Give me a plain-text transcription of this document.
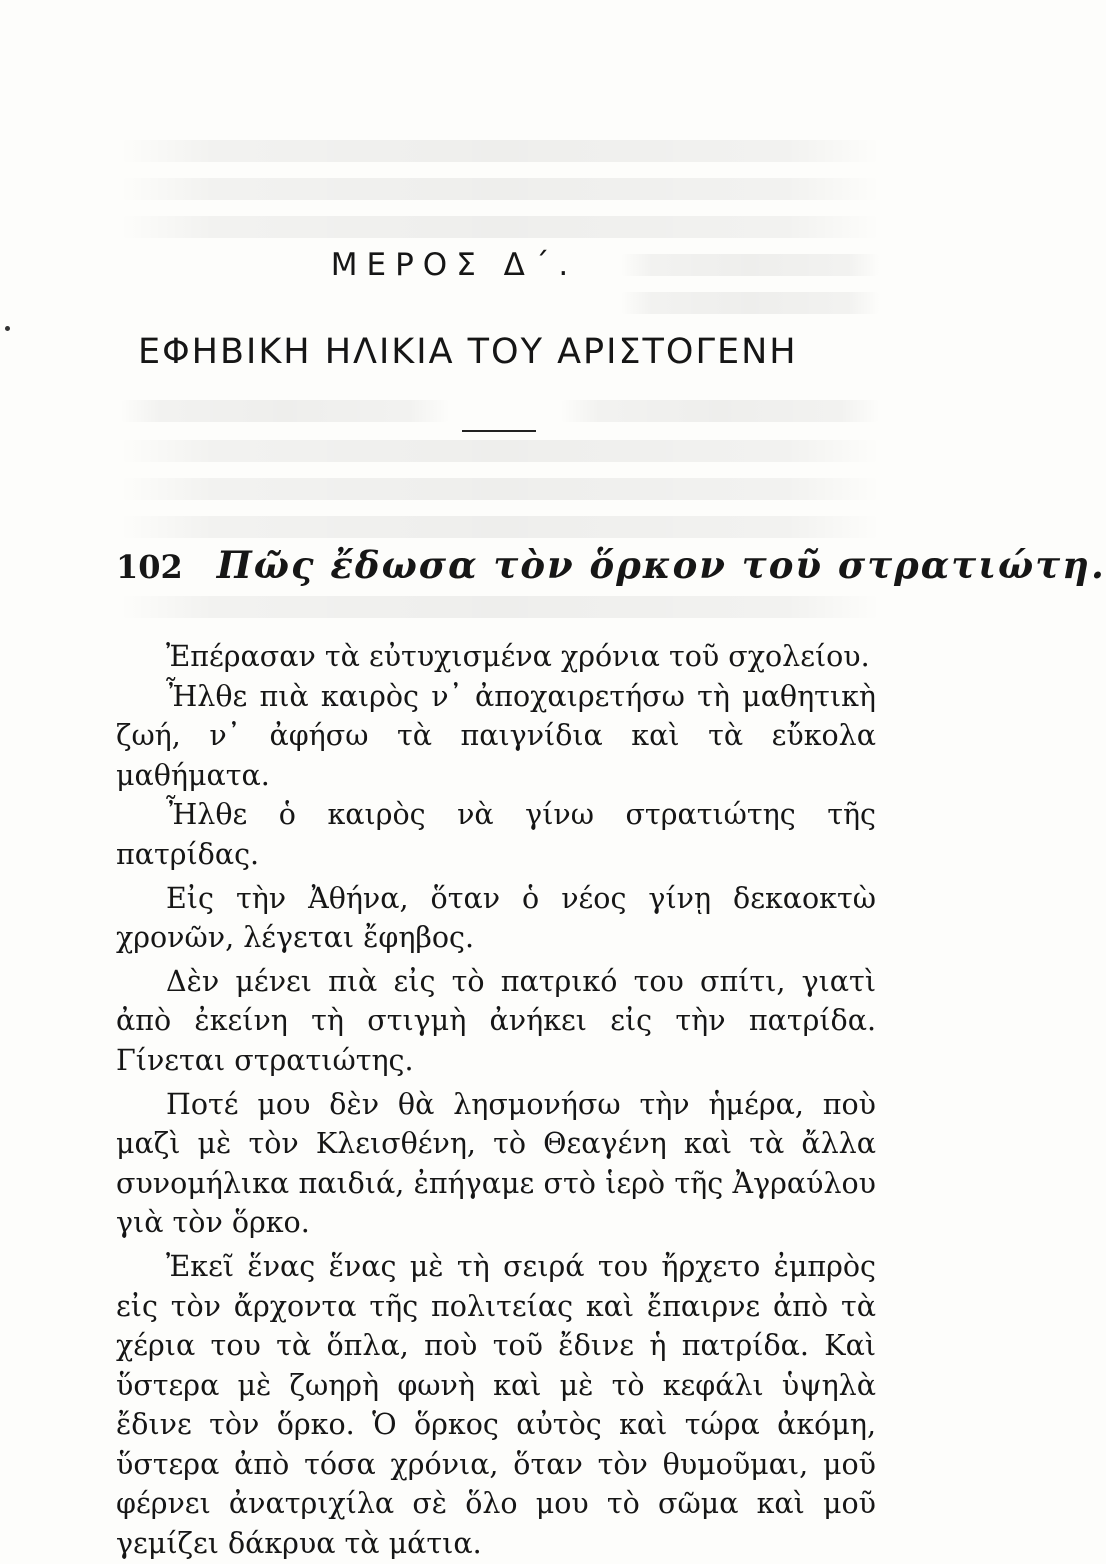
ΜΕΡΟΣ Δ΄.
ΕΦΗΒΙΚΗ ΗΛΙΚΙΑ ΤΟΥ ΑΡΙΣΤΟΓΕΝΗ
102 Πῶς ἔδωσα τὸν ὅρκον τοῦ στρατιώτη.

Ἐπέρασαν τὰ εὐτυχισμένα χρόνια τοῦ σχολείου.

Ἦλθε πιὰ καιρὸς ν᾿ ἀποχαιρετήσω τὴ μαθητικὴ ζωή, ν᾿ ἀφήσω τὰ παιγνίδια καὶ τὰ εὔκολα μαθήματα.

Ἦλθε ὁ καιρὸς νὰ γίνω στρατιώτης τῆς πατρίδας.

Εἰς τὴν Ἀθήνα, ὅταν ὁ νέος γίνῃ δεκαοκτὼ χρονῶν, λέγεται ἔφηβος.

Δὲν μένει πιὰ εἰς τὸ πατρικό του σπίτι, γιατὶ ἀπὸ ἐκείνη τὴ στιγμὴ ἀνήκει εἰς τὴν πατρίδα. Γίνεται στρατιώτης.

Ποτέ μου δὲν θὰ λησμονήσω τὴν ἡμέρα, ποὺ μαζὶ μὲ τὸν Κλεισθένη, τὸ Θεαγένη καὶ τὰ ἄλλα συνομήλικα παιδιά, ἐπήγαμε στὸ ἱερὸ τῆς Ἀγραύλου γιὰ τὸν ὅρκο.

Ἐκεῖ ἕνας ἕνας μὲ τὴ σειρά του ἤρχετο ἐμπρὸς εἰς τὸν ἄρχοντα τῆς πολιτείας καὶ ἔπαιρνε ἀπὸ τὰ χέρια του τὰ ὅπλα, ποὺ τοῦ ἔδινε ἡ πατρίδα. Καὶ ὕστερα μὲ ζωηρὴ φωνὴ καὶ μὲ τὸ κεφάλι ὑψηλὰ ἔδινε τὸν ὅρκο. Ὁ ὅρκος αὐτὸς καὶ τώρα ἀκόμη, ὕστερα ἀπὸ τόσα χρόνια, ὅταν τὸν θυμοῦμαι, μοῦ φέρνει ἀνατριχίλα σὲ ὅλο μου τὸ σῶμα καὶ μοῦ γεμίζει δάκρυα τὰ μάτια.
